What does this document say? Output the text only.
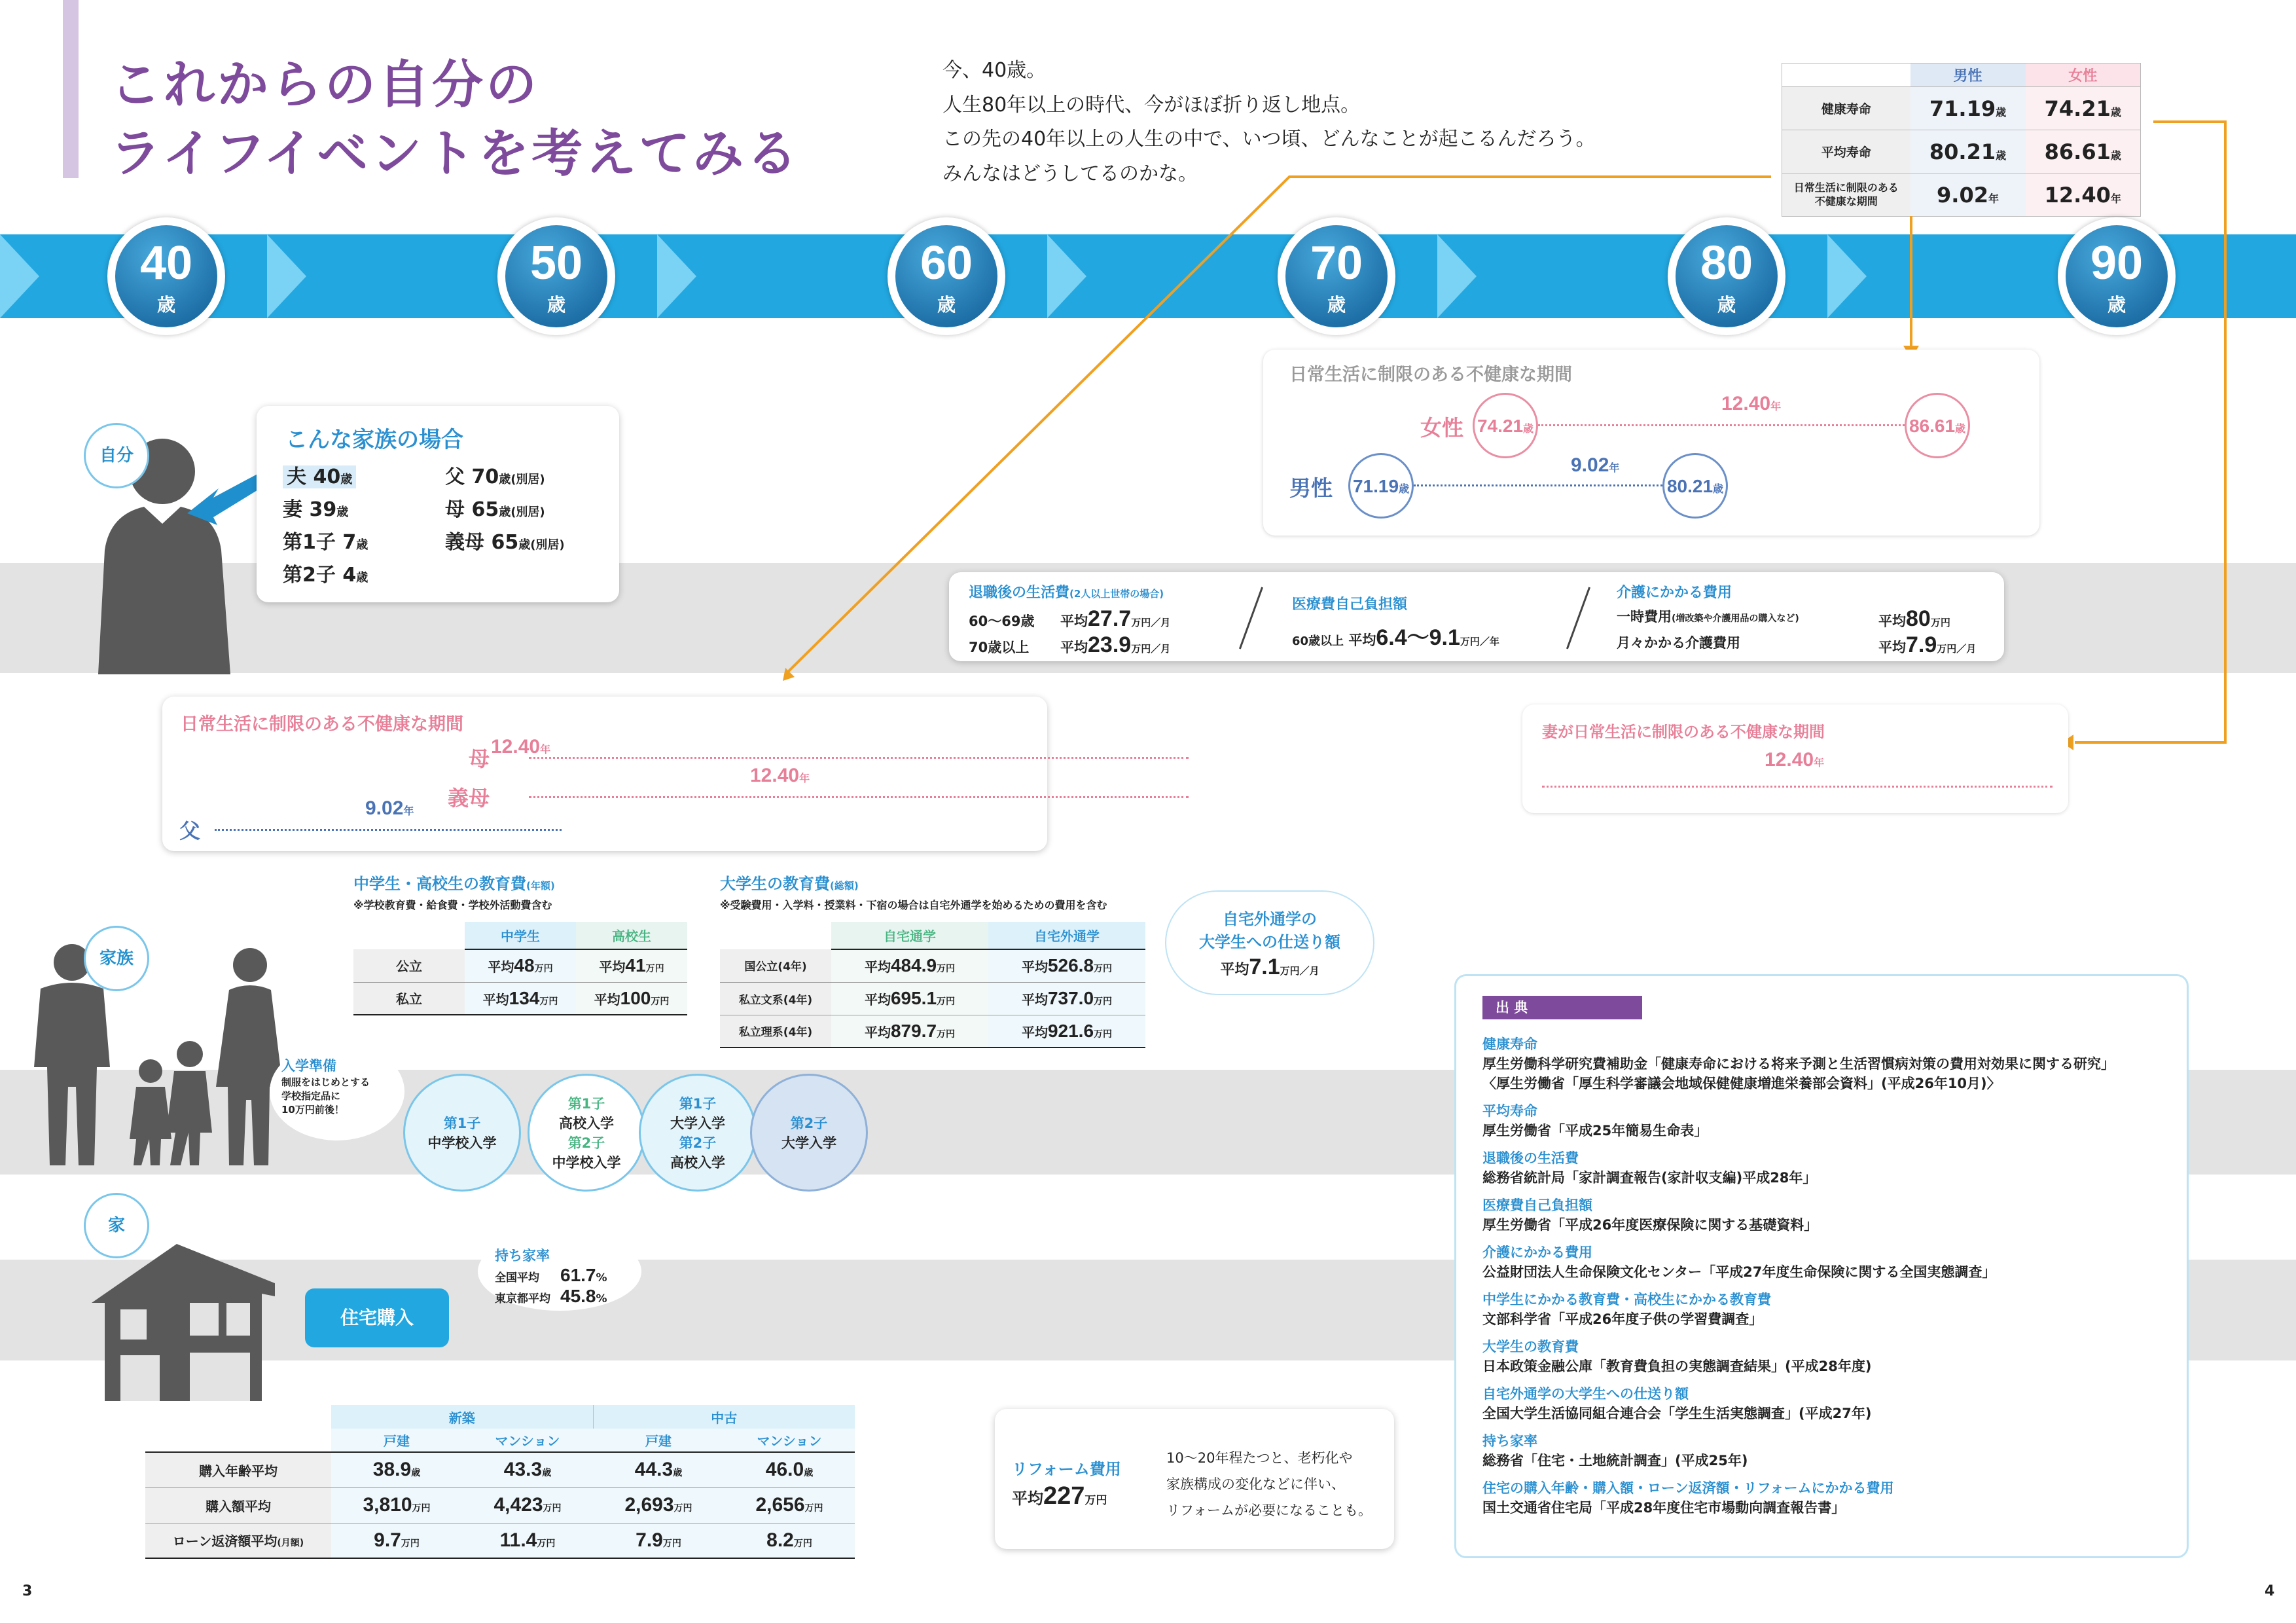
これからの自分の
ライフイベントを考えてみる
今、40歳。
人生80年以上の時代、今がほぼ折り返し地点。
この先の40年以上の人生の中で、いつ頃、どんなことが起こるんだろう。
みんなはどうしてるのかな。
	男性	女性
健康寿命	71.19歳	74.21歳
平均寿命	80.21歳	86.61歳
日常生活に制限のある不健康な期間	9.02年	12.40年
40
歳
50
歳
60
歳
70
歳
80
歳
90
歳
日常生活に制限のある不健康な期間
女性 74.21歳
12.40年
86.61歳
男性 71.19歳
9.02年
80.21歳
退職後の生活費(2人以上世帯の場合)
60〜69歳 平均27.7万円／月
70歳以上 平均23.9万円／月
医療費自己負担額
60歳以上 平均6.4〜9.1万円／年
介護にかかる費用
一時費用(増改築や介護用品の購入など)	平均80万円
月々かかる介護費用	平均7.9万円／月
自分
こんな家族の場合
夫 40歳
妻 39歳
第1子 7歳
第2子 4歳
父 70歳(別居)
母 65歳(別居)
義母 65歳(別居)
日常生活に制限のある不健康な期間
12.40年
母
12.40年
義母
9.02年
父
妻が日常生活に制限のある不健康な期間
12.40年
家族
中学生・高校生の教育費(年額)
※学校教育費・給食費・学校外活動費含む
	中学生	高校生
公立	平均48万円	平均41万円
私立	平均134万円	平均100万円
大学生の教育費(総額)
※受験費用・入学料・授業料・下宿の場合は自宅外通学を始めるための費用を含む
	自宅通学	自宅外通学
国公立(4年)	平均484.9万円	平均526.8万円
私立文系(4年)	平均695.1万円	平均737.0万円
私立理系(4年)	平均879.7万円	平均921.6万円
自宅外通学の
大学生への仕送り額
平均7.1万円／月
入学準備
制服をはじめとする
学校指定品に
10万円前後！
第1子
中学校入学
第1子
高校入学
第2子
中学校入学
第1子
大学入学
第2子
高校入学
第2子
大学入学
家
住宅購入
持ち家率
全国平均 61.7%
東京都平均 45.8%
	新築		中古	
	戸建	マンション	戸建	マンション
購入年齢平均	38.9歳	43.3歳	44.3歳	46.0歳
購入額平均	3,810万円	4,423万円	2,693万円	2,656万円
ローン返済額平均(月額)	9.7万円	11.4万円	7.9万円	8.2万円
リフォーム費用
平均227万円
10〜20年程たつと、老朽化や
家族構成の変化などに伴い、
リフォームが必要になることも。
出 典
健康寿命
厚生労働科学研究費補助金「健康寿命における将来予測と生活習慣病対策の費用対効果に関する研究」
〈厚生労働省「厚生科学審議会地域保健健康増進栄養部会資料」(平成26年10月)〉
平均寿命
厚生労働省「平成25年簡易生命表」
退職後の生活費
総務省統計局「家計調査報告(家計収支編)平成28年」
医療費自己負担額
厚生労働省「平成26年度医療保険に関する基礎資料」
介護にかかる費用
公益財団法人生命保険文化センター「平成27年度生命保険に関する全国実態調査」
中学生にかかる教育費・高校生にかかる教育費
文部科学省「平成26年度子供の学習費調査」
大学生の教育費
日本政策金融公庫「教育費負担の実態調査結果」(平成28年度)
自宅外通学の大学生への仕送り額
全国大学生活協同組合連合会「学生生活実態調査」(平成27年)
持ち家率
総務省「住宅・土地統計調査」(平成25年)
住宅の購入年齢・購入額・ローン返済額・リフォームにかかる費用
国土交通省住宅局「平成28年度住宅市場動向調査報告書」
3	4
